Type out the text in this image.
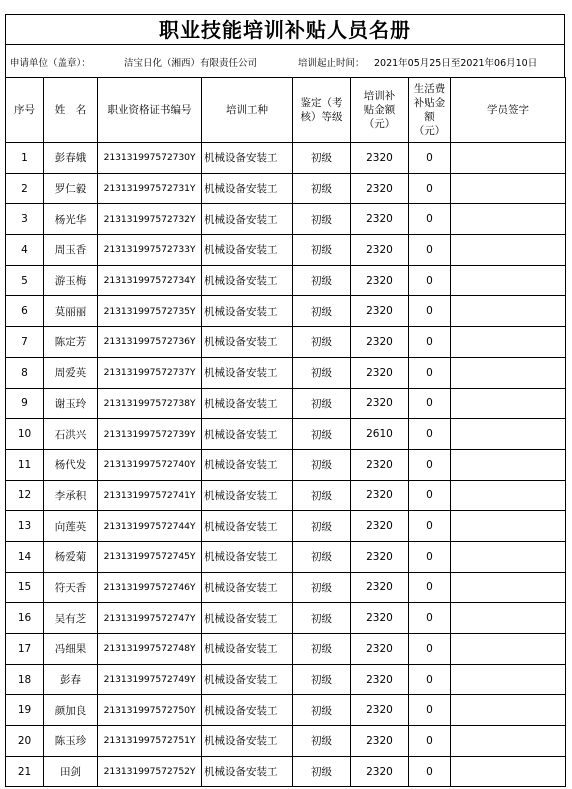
职业技能培训补贴人员名册
申请单位（盖章）：	洁宝日化（湘西）有限责任公司	培训起止时间： 2021年05月25日至2021年06月10日
序号	姓　名	职业资格证书编号	培训工种	鉴定（考核）等级	培训补贴金额（元）	生活费补贴金额（元）	学员签字
1	彭春娥	213131997572730Y	机械设备安装工	初级	2320	0	
2	罗仁毅	213131997572731Y	机械设备安装工	初级	2320	0	
3	杨光华	213131997572732Y	机械设备安装工	初级	2320	0	
4	周玉香	213131997572733Y	机械设备安装工	初级	2320	0	
5	游玉梅	213131997572734Y	机械设备安装工	初级	2320	0	
6	莫丽丽	213131997572735Y	机械设备安装工	初级	2320	0	
7	陈定芳	213131997572736Y	机械设备安装工	初级	2320	0	
8	周爱英	213131997572737Y	机械设备安装工	初级	2320	0	
9	谢玉玲	213131997572738Y	机械设备安装工	初级	2320	0	
10	石洪兴	213131997572739Y	机械设备安装工	初级	2610	0	
11	杨代发	213131997572740Y	机械设备安装工	初级	2320	0	
12	李承积	213131997572741Y	机械设备安装工	初级	2320	0	
13	向莲英	213131997572744Y	机械设备安装工	初级	2320	0	
14	杨爱菊	213131997572745Y	机械设备安装工	初级	2320	0	
15	符天香	213131997572746Y	机械设备安装工	初级	2320	0	
16	吴有芝	213131997572747Y	机械设备安装工	初级	2320	0	
17	冯细果	213131997572748Y	机械设备安装工	初级	2320	0	
18	彭春	213131997572749Y	机械设备安装工	初级	2320	0	
19	颜加良	213131997572750Y	机械设备安装工	初级	2320	0	
20	陈玉珍	213131997572751Y	机械设备安装工	初级	2320	0	
21	田剑	213131997572752Y	机械设备安装工	初级	2320	0	
